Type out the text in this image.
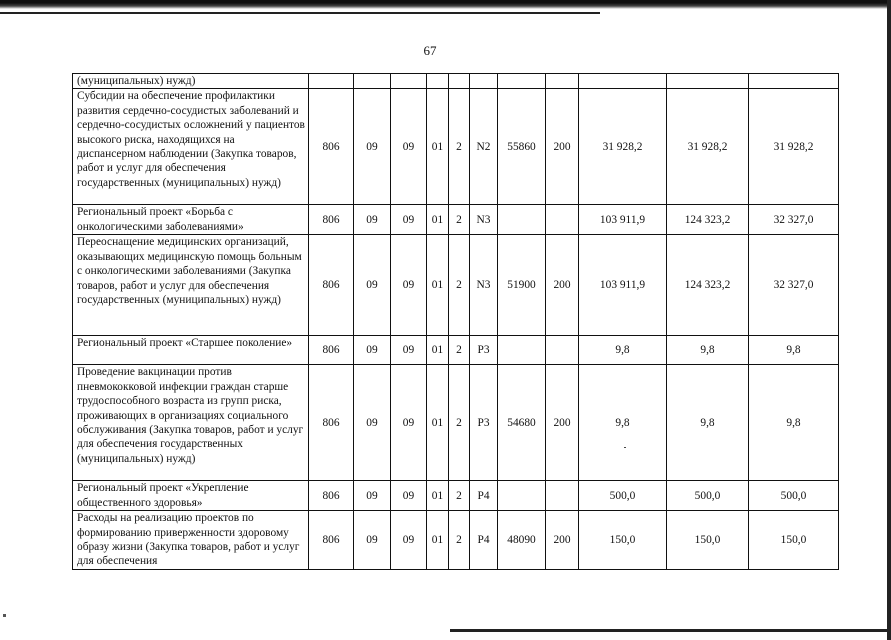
67
(муниципальных) нужд)											
Субсидии на обеспечение профилактики развития сердечно-сосудистых заболеваний и сердечно-сосудистых осложнений у пациентов высокого риска, находящихся на диспансерном наблюдении (Закупка товаров, работ и услуг для обеспечения государственных (муниципальных) нужд)	806	09	09	01	2	N2	55860	200	31 928,2	31 928,2	31 928,2
Региональный проект «Борьба с онкологическими заболеваниями»	806	09	09	01	2	N3			103 911,9	124 323,2	32 327,0
Переоснащение медицинских организаций, оказывающих медицинскую помощь больным с онкологическими заболеваниями (Закупка товаров, работ и услуг для обеспечения государственных (муниципальных) нужд)	806	09	09	01	2	N3	51900	200	103 911,9	124 323,2	32 327,0
Региональный проект «Старшее поколение»	806	09	09	01	2	P3			9,8	9,8	9,8
Проведение вакцинации против пневмококковой инфекции граждан старше трудоспособного возраста из групп риска, проживающих в организациях социального обслуживания (Закупка товаров, работ и услуг для обеспечения государственных (муниципальных) нужд)	806	09	09	01	2	P3	54680	200	9,8	9,8	9,8
Региональный проект «Укрепление общественного здоровья»	806	09	09	01	2	P4			500,0	500,0	500,0
Расходы на реализацию проектов по формированию приверженности здоровому образу жизни (Закупка товаров, работ и услуг для обеспечения	806	09	09	01	2	P4	48090	200	150,0	150,0	150,0
